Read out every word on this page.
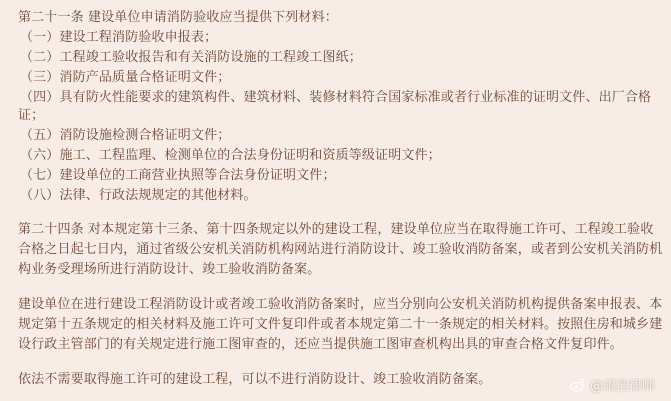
第二十一条 建设单位申请消防验收应当提供下列材料：
（一）建设工程消防验收申报表；
（二）工程竣工验收报告和有关消防设施的工程竣工图纸；
（三）消防产品质量合格证明文件；
（四）具有防火性能要求的建筑构件、建筑材料、装修材料符合国家标准或者行业标准的证明文件、出厂合格
证；
（五）消防设施检测合格证明文件；
（六）施工、工程监理、检测单位的合法身份证明和资质等级证明文件；
（七）建设单位的工商营业执照等合法身份证明文件；
（八）法律、行政法规规定的其他材料。
第二十四条 对本规定第十三条、第十四条规定以外的建设工程，建设单位应当在取得施工许可、工程竣工验收
合格之日起七日内，通过省级公安机关消防机构网站进行消防设计、竣工验收消防备案，或者到公安机关消防机
构业务受理场所进行消防设计、竣工验收消防备案。
建设单位在进行建设工程消防设计或者竣工验收消防备案时，应当分别向公安机关消防机构提供备案申报表、本
规定第十五条规定的相关材料及施工许可文件复印件或者本规定第二十一条规定的相关材料。按照住房和城乡建
设行政主管部门的有关规定进行施工图审查的，还应当提供施工图审查机构出具的审查合格文件复印件。
依法不需要取得施工许可的建设工程，可以不进行消防设计、竣工验收消防备案。	@雨浩律师
